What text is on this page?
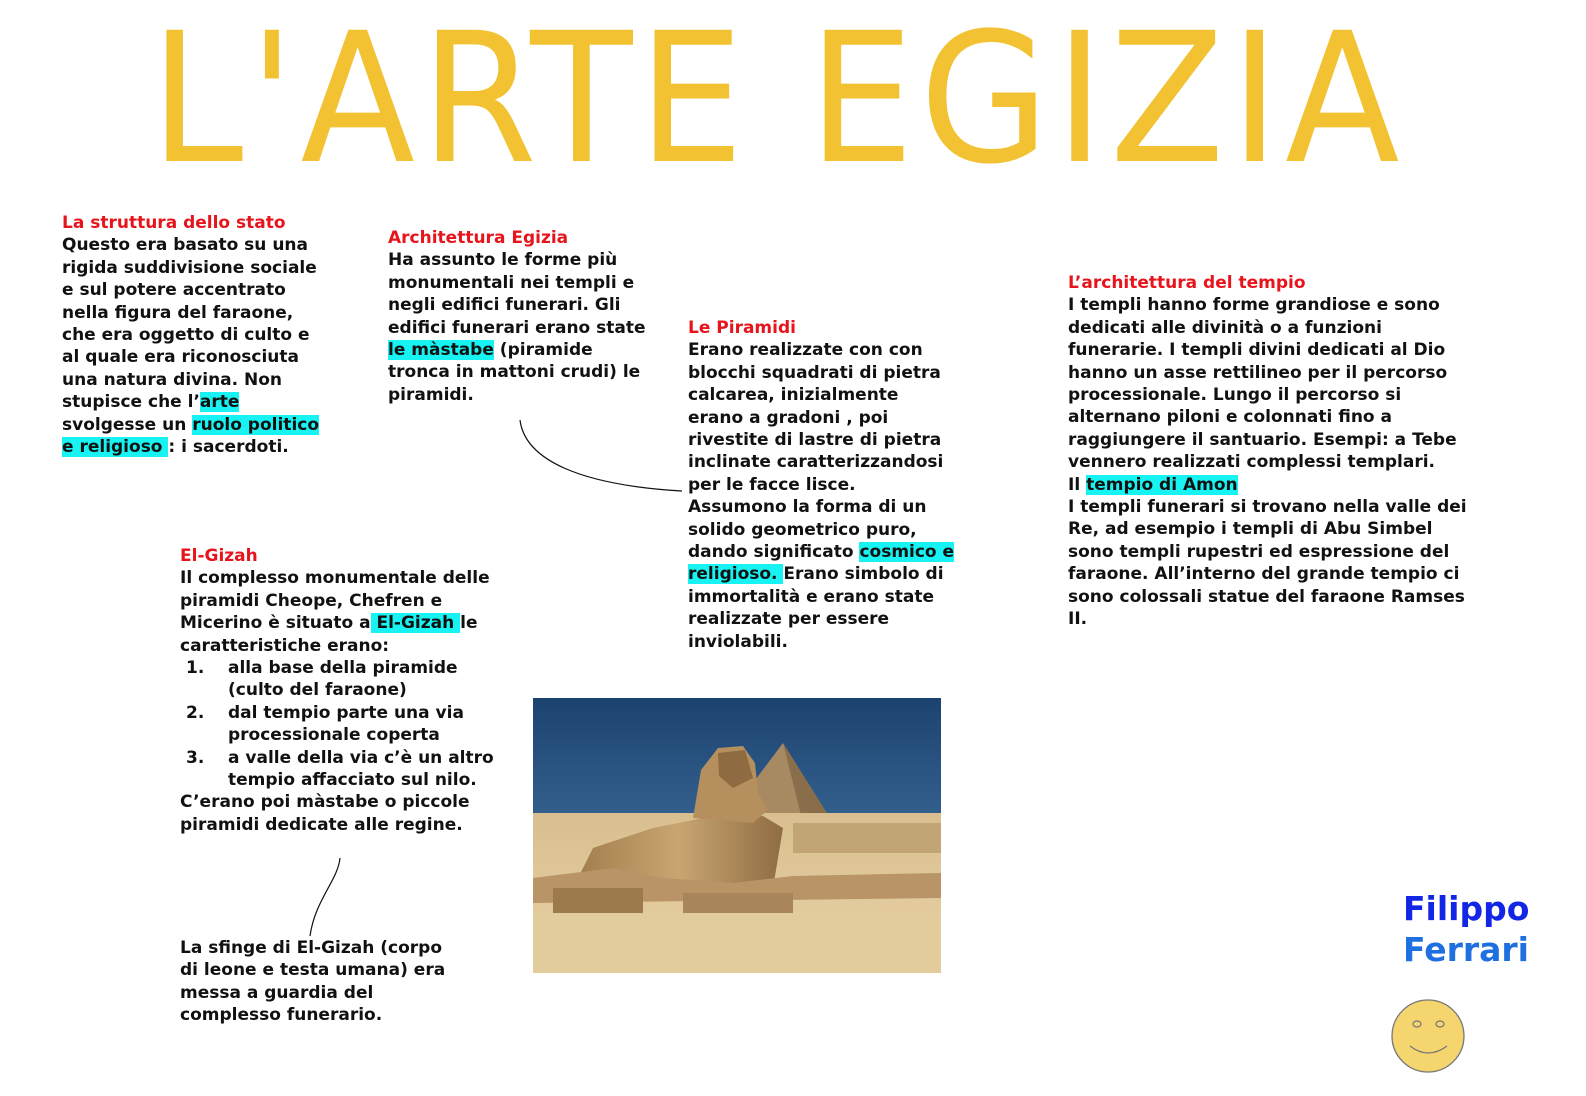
L'ARTE EGIZIA
La struttura dello stato
Questo era basato su una rigida suddivisione sociale e sul potere accentrato nella figura del faraone, che era oggetto di culto e al quale era riconosciuta una natura divina. Non stupisce che l’arte svolgesse un ruolo politico e religioso : i sacerdoti.
Architettura Egizia
Ha assunto le forme più monumentali nei templi e negli edifici funerari. Gli edifici funerari erano state le màstabe (piramide tronca in mattoni crudi) le piramidi.
Le Piramidi
Erano realizzate con con blocchi squadrati di pietra calcarea, inizialmente erano a gradoni , poi rivestite di lastre di pietra inclinate caratterizzandosi per le facce lisce. Assumono la forma di un solido geometrico puro, dando significato cosmico e religioso. Erano simbolo di immortalità e erano state realizzate per essere inviolabili.
L’architettura del tempio
I templi hanno forme grandiose e sono dedicati alle divinità o a funzioni funerarie. I templi divini dedicati al Dio hanno un asse rettilineo per il percorso processionale. Lungo il percorso si alternano piloni e colonnati fino a raggiungere il santuario. Esempi: a Tebe vennero realizzati complessi templari.
Il tempio di Amon
I templi funerari si trovano nella valle dei Re, ad esempio i templi di Abu Simbel sono templi rupestri ed espressione del faraone. All’interno del grande tempio ci sono colossali statue del faraone Ramses II.
El-Gizah
Il complesso monumentale delle piramidi Cheope, Chefren e Micerino è situato a El-Gizah le caratteristiche erano:
1.	alla base della piramide (culto del faraone)
2.	dal tempio parte una via processionale coperta
3.	a valle della via c’è un altro tempio affacciato sul nilo.
C’erano poi màstabe o piccole piramidi dedicate alle regine.
La sfinge di El-Gizah (corpo di leone e testa umana) era messa a guardia del complesso funerario.
Filippo
Ferrari
